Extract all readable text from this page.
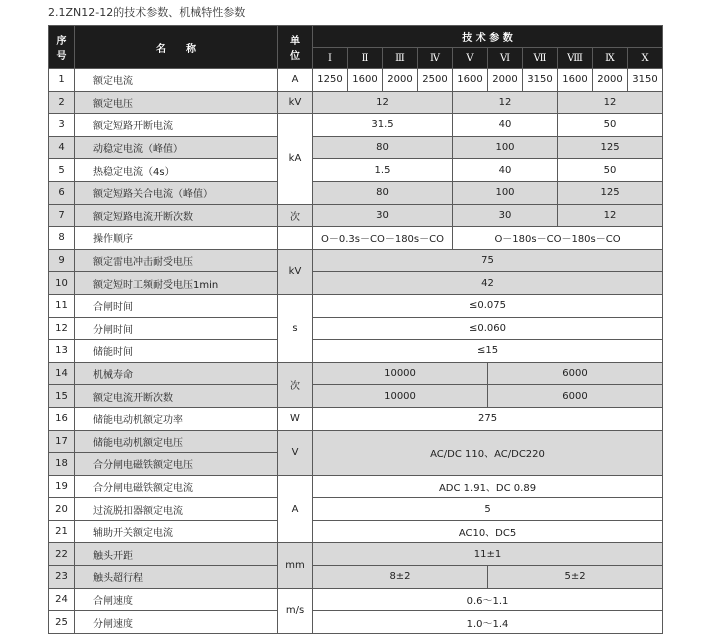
2.1ZN12-12的技术参数、机械特性参数
序
号	名　　称	单
位	技 术 参 数									
			Ⅰ	Ⅱ	Ⅲ	Ⅳ	Ⅴ	Ⅵ	Ⅶ	Ⅷ	Ⅸ	Ⅹ
1	额定电流	A	1250	1600	2000	2500	1600	2000	3150	1600	2000	3150
2	额定电压	kV	12				12			12		
3	额定短路开断电流	kA	31.5				40			50		
4	动稳定电流（峰值）		80				100			125		
5	热稳定电流（4s）		1.5				40			50		
6	额定短路关合电流（峰值）		80				100			125		
7	额定短路电流开断次数	次	30				30			12		
8	操作顺序		O－0.3s－CO－180s－CO				O－180s－CO－180s－CO					
9	额定雷电冲击耐受电压	kV	75									
10	额定短时工频耐受电压1min		42									
11	合闸时间	s	≤0.075									
12	分闸时间		≤0.060									
13	储能时间		≤15									
14	机械寿命	次	10000					6000				
15	额定电流开断次数		10000					6000				
16	储能电动机额定功率	W	275									
17	储能电动机额定电压	V	AC/DC 110、AC/DC220									
18	合分闸电磁铁额定电压											
19	合分闸电磁铁额定电流	A	ADC 1.91、DC 0.89									
20	过流脱扣器额定电流		5									
21	辅助开关额定电流		AC10、DC5									
22	触头开距	mm	11±1									
23	触头超行程		8±2					5±2				
24	合闸速度	m/s	0.6～1.1									
25	分闸速度		1.0～1.4									
